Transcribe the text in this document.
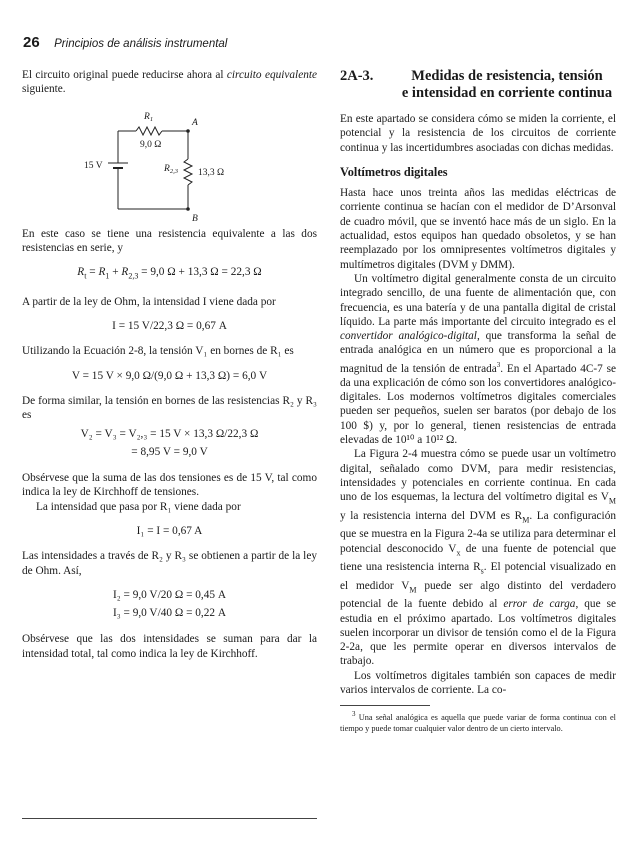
26 Principios de análisis instrumental

El circuito original puede reducirse ahora al circuito equivalente siguiente.

$R_1$
9,0 Ω
A
B
15 V	$R_{2,3}$ 13,3 Ω

En este caso se tiene una resistencia equivalente a las dos resistencias en serie, y

$R_t = R_1 + R_{2,3} = 9,0$ Ω + 13,3 Ω = 22,3 Ω

A partir de la ley de Ohm, la intensidad I viene dada por

I = 15 V/22,3 Ω = 0,67 A

Utilizando la Ecuación 2-8, la tensión V₁ en bornes de R₁ es

V = 15 V × 9,0 Ω/(9,0 Ω + 13,3 Ω) = 6,0 V

De forma similar, la tensión en bornes de las resistencias R₂ y R₃ es

V₂ = V₃ = V₂,₃ = 15 V × 13,3 Ω/22,3 Ω

= 8,95 V = 9,0 V

Obsérvese que la suma de las dos tensiones es de 15 V, tal como indica la ley de Kirchhoff de tensiones.

La intensidad que pasa por R₁ viene dada por

I₁ = I = 0,67 A

Las intensidades a través de R₂ y R₃ se obtienen a partir de la ley de Ohm. Así,

I₂ = 9,0 V/20 Ω = 0,45 A

I₃ = 9,0 V/40 Ω = 0,22 A

Obsérvese que las dos intensidades se suman para dar la intensidad total, tal como indica la ley de Kirchhoff.

2A-3.	Medidas de resistencia, tensión
e intensidad en corriente continua

En este apartado se considera cómo se miden la corriente, el potencial y la resistencia de los circuitos de corriente continua y las incertidumbres asociadas con dichas medidas.

Voltímetros digitales

Hasta hace unos treinta años las medidas eléctricas de corriente continua se hacían con el medidor de D’Arsonval de cuadro móvil, que se inventó hace más de un siglo. En la actualidad, estos equipos han quedado obsoletos, y se han reemplazado por los omnipresentes voltímetros digitales y multímetros digitales (DVM y DMM).

Un voltímetro digital generalmente consta de un circuito integrado sencillo, de una fuente de alimentación que, con frecuencia, es una batería y de una pantalla digital de cristal líquido. La parte más importante del circuito integrado es el convertidor analógico-digital, que transforma la señal de entrada analógica en un número que es proporcional a la magnitud de la tensión de entrada$^3$. En el Apartado 4C-7 se da una explicación de cómo son los convertidores analógico-digitales. Los modernos voltímetros digitales comerciales pueden ser pequeños, suelen ser baratos (por debajo de los 100 $) y, por lo general, tienen resistencias de entrada elevadas de 10¹⁰ a 10¹² Ω.

La Figura 2-4 muestra cómo se puede usar un voltímetro digital, señalado como DVM, para medir resistencias, intensidades y potenciales en corriente continua. En cada uno de los esquemas, la lectura del voltímetro digital es $V_M$ y la resistencia interna del DVM es $R_M$. La configuración que se muestra en la Figura 2-4a se utiliza para determinar el potencial desconocido $V_x$ de una fuente de potencial que tiene una resistencia interna $R_s$. El potencial visualizado en el medidor $V_M$ puede ser algo distinto del verdadero potencial de la fuente debido al error de carga, que se estudia en el próximo apartado. Los voltímetros digitales suelen incorporar un divisor de tensión como el de la Figura 2-2a, que les permite operar en diversos intervalos de trabajo.

Los voltímetros digitales también son capaces de medir varios intervalos de corriente. La co-

$^3$ Una señal analógica es aquella que puede variar de forma continua con el tiempo y puede tomar cualquier valor dentro de un cierto intervalo.
